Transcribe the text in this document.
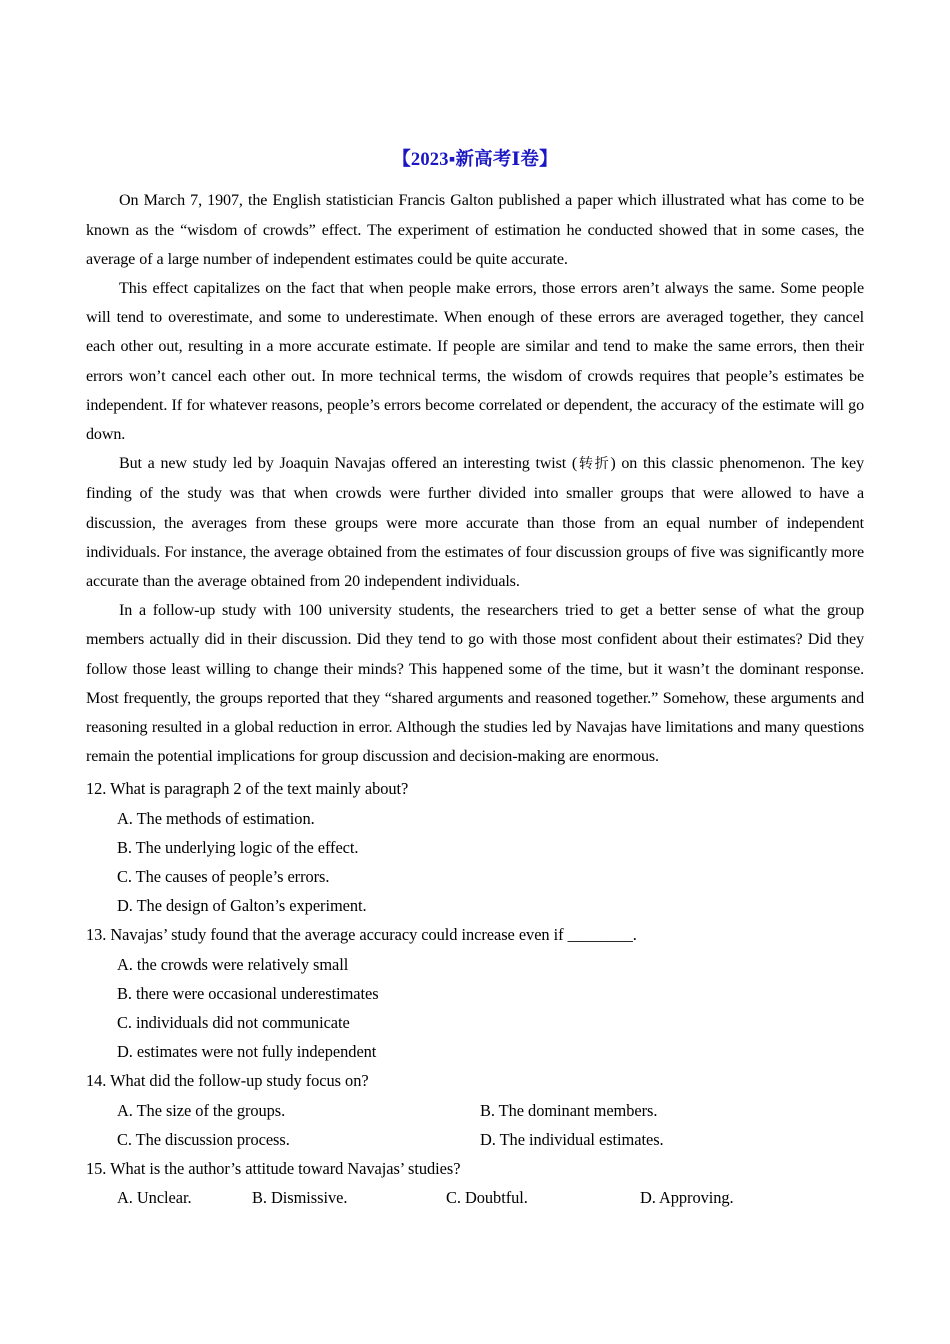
【2023▪新高考Ⅰ卷】

On March 7, 1907, the English statistician Francis Galton published a paper which illustrated what has come to be known as the “wisdom of crowds” effect. The experiment of estimation he conducted showed that in some cases, the average of a large number of independent estimates could be quite accurate.

This effect capitalizes on the fact that when people make errors, those errors aren’t always the same. Some people will tend to overestimate, and some to underestimate. When enough of these errors are averaged together, they cancel each other out, resulting in a more accurate estimate. If people are similar and tend to make the same errors, then their errors won’t cancel each other out. In more technical terms, the wisdom of crowds requires that people’s estimates be independent. If for whatever reasons, people’s errors become correlated or dependent, the accuracy of the estimate will go down.

But a new study led by Joaquin Navajas offered an interesting twist (转折) on this classic phenomenon. The key finding of the study was that when crowds were further divided into smaller groups that were allowed to have a discussion, the averages from these groups were more accurate than those from an equal number of independent individuals. For instance, the average obtained from the estimates of four discussion groups of five was significantly more accurate than the average obtained from 20 independent individuals.

In a follow-up study with 100 university students, the researchers tried to get a better sense of what the group members actually did in their discussion. Did they tend to go with those most confident about their estimates? Did they follow those least willing to change their minds? This happened some of the time, but it wasn’t the dominant response. Most frequently, the groups reported that they “shared arguments and reasoned together.” Somehow, these arguments and reasoning resulted in a global reduction in error. Although the studies led by Navajas have limitations and many questions remain the potential implications for group discussion and decision-making are enormous.

12. What is paragraph 2 of the text mainly about?

A. The methods of estimation.
B. The underlying logic of the effect.
C. The causes of people’s errors.
D. The design of Galton’s experiment.

13. Navajas’ study found that the average accuracy could increase even if ________.

A. the crowds were relatively small
B. there were occasional underestimates
C. individuals did not communicate
D. estimates were not fully independent

14. What did the follow-up study focus on?

A. The size of the groups.	B. The dominant members.
C. The discussion process.	D. The individual estimates.

15. What is the author’s attitude toward Navajas’ studies?

A. Unclear.	B. Dismissive.	C. Doubtful.	D. Approving.
